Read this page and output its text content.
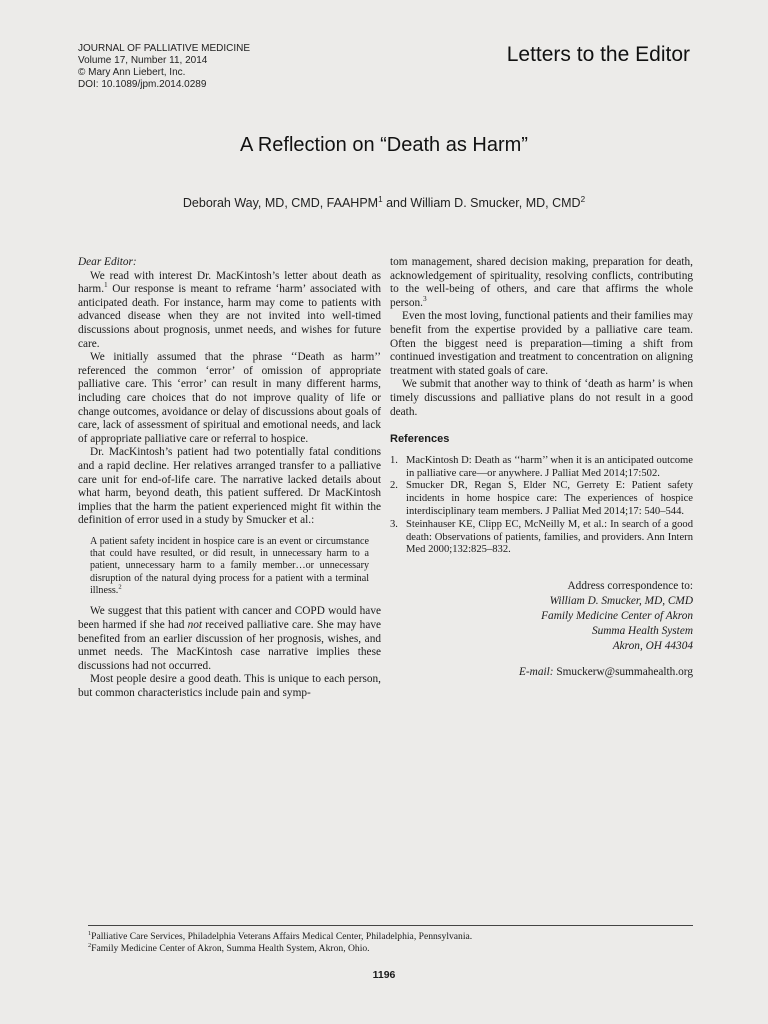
JOURNAL OF PALLIATIVE MEDICINE
Volume 17, Number 11, 2014
© Mary Ann Liebert, Inc.
DOI: 10.1089/jpm.2014.0289
Letters to the Editor
A Reflection on “Death as Harm”
Deborah Way, MD, CMD, FAAHPM$^1$ and William D. Smucker, MD, CMD$^2$

Dear Editor:

We read with interest Dr. MacKintosh’s letter about death as harm.$^1$ Our response is meant to reframe ‘harm’ associated with anticipated death. For instance, harm may come to patients with advanced disease when they are not invited into well-timed discussions about prognosis, unmet needs, and wishes for future care.

We initially assumed that the phrase ‘‘Death as harm’’ referenced the common ‘error’ of omission of appropriate palliative care. This ‘error’ can result in many different harms, including care choices that do not improve quality of life or change outcomes, avoidance or delay of discussions about goals of care, lack of assessment of spiritual and emotional needs, and lack of appropriate palliative care or referral to hospice.

Dr. MacKintosh’s patient had two potentially fatal conditions and a rapid decline. Her relatives arranged transfer to a palliative care unit for end-of-life care. The narrative lacked details about what harm, beyond death, this patient suffered. Dr MacKintosh implies that the harm the patient experienced might fit within the definition of error used in a study by Smucker et al.:

A patient safety incident in hospice care is an event or circumstance that could have resulted, or did result, in unnecessary harm to a patient, unnecessary harm to a family member…or unnecessary disruption of the natural dying process for a patient with a terminal illness.$^2$

We suggest that this patient with cancer and COPD would have been harmed if she had not received palliative care. She may have benefited from an earlier discussion of her prognosis, wishes, and unmet needs. The MacKintosh case narrative implies these discussions had not occurred.

Most people desire a good death. This is unique to each person, but common characteristics include pain and symp-

tom management, shared decision making, preparation for death, acknowledgement of spirituality, resolving conflicts, contributing to the well-being of others, and care that affirms the whole person.$^3$

Even the most loving, functional patients and their families may benefit from the expertise provided by a palliative care team. Often the biggest need is preparation—timing a shift from continued investigation and treatment to concentration on aligning treatment with stated goals of care.

We submit that another way to think of ‘death as harm’ is when timely discussions and palliative plans do not result in a good death.

References
1. MacKintosh D: Death as ‘‘harm’’ when it is an anticipated outcome in palliative care—or anywhere. J Palliat Med 2014;17:502.
2. Smucker DR, Regan S, Elder NC, Gerrety E: Patient safety incidents in home hospice care: The experiences of hospice interdisciplinary team members. J Palliat Med 2014;17: 540–544.
3. Steinhauser KE, Clipp EC, McNeilly M, et al.: In search of a good death: Observations of patients, families, and providers. Ann Intern Med 2000;132:825–832.
Address correspondence to:
William D. Smucker, MD, CMD
Family Medicine Center of Akron
Summa Health System
Akron, OH 44304
E-mail: Smuckerw@summahealth.org
$^1$Palliative Care Services, Philadelphia Veterans Affairs Medical Center, Philadelphia, Pennsylvania.
$^2$Family Medicine Center of Akron, Summa Health System, Akron, Ohio.
1196
